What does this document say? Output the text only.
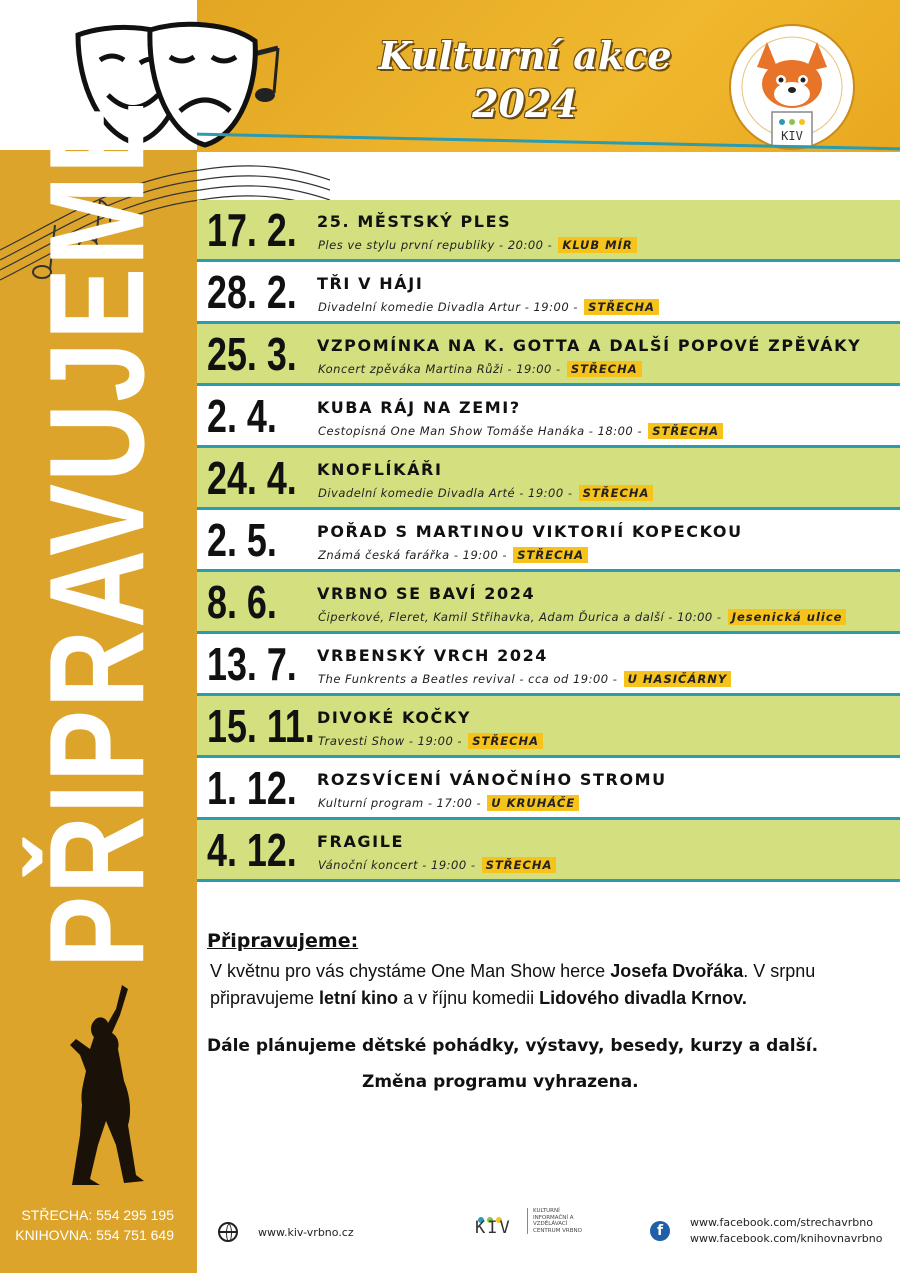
Kulturní akce
2024
KIV
PŘIPRAVUJEME 17. 2. 25. MĚSTSKÝ PLES
Ples ve stylu první republiky - 20:00 - KLUB MÍR
28. 2. TŘI V HÁJI
Divadelní komedie Divadla Artur - 19:00 - STŘECHA
25. 3. VZPOMÍNKA NA K. GOTTA A DALŠÍ POPOVÉ ZPĚVÁKY
Koncert zpěváka Martina Růži - 19:00 - STŘECHA
2. 4.	KUBA RÁJ NA ZEMI?
Cestopisná One Man Show Tomáše Hanáka - 18:00 - STŘECHA
24. 4. KNOFLÍKÁŘI
Divadelní komedie Divadla Arté - 19:00 - STŘECHA
2. 5.	POŘAD S MARTINOU VIKTORIÍ KOPECKOU
Známá česká farářka - 19:00 - STŘECHA
8. 6.	VRBNO SE BAVÍ 2024
Čiperkové, Fleret, Kamil Střihavka, Adam Ďurica a další - 10:00 - Jesenická ulice
13. 7. VRBENSKÝ VRCH 2024
The Funkrents a Beatles revival - cca od 19:00 - U HASIČÁRNY
15. 11. DIVOKÉ KOČKY
Travesti Show - 19:00 - STŘECHA
1. 12. ROZSVÍCENÍ VÁNOČNÍHO STROMU
Kulturní program - 17:00 - U KRUHÁČE
4. 12. FRAGILE
Vánoční koncert - 19:00 - STŘECHA
Připravujeme:
V květnu pro vás chystáme One Man Show herce Josefa Dvořáka. V srpnu připravujeme letní kino a v říjnu komedii Lidového divadla Krnov.
Dále plánujeme dětské pohádky, výstavy, besedy, kurzy a další.
Změna programu vyhrazena.
STŘECHA: 554 295 195
KNIHOVNA: 554 751 649	www.kiv-vrbno.cz	KIV
KULTURNÍ INFORMAČNÍ A VZDĚLÁVACÍ CENTRUM VRBNO	f
www.facebook.com/strechavrbno
www.facebook.com/knihovnavrbno
